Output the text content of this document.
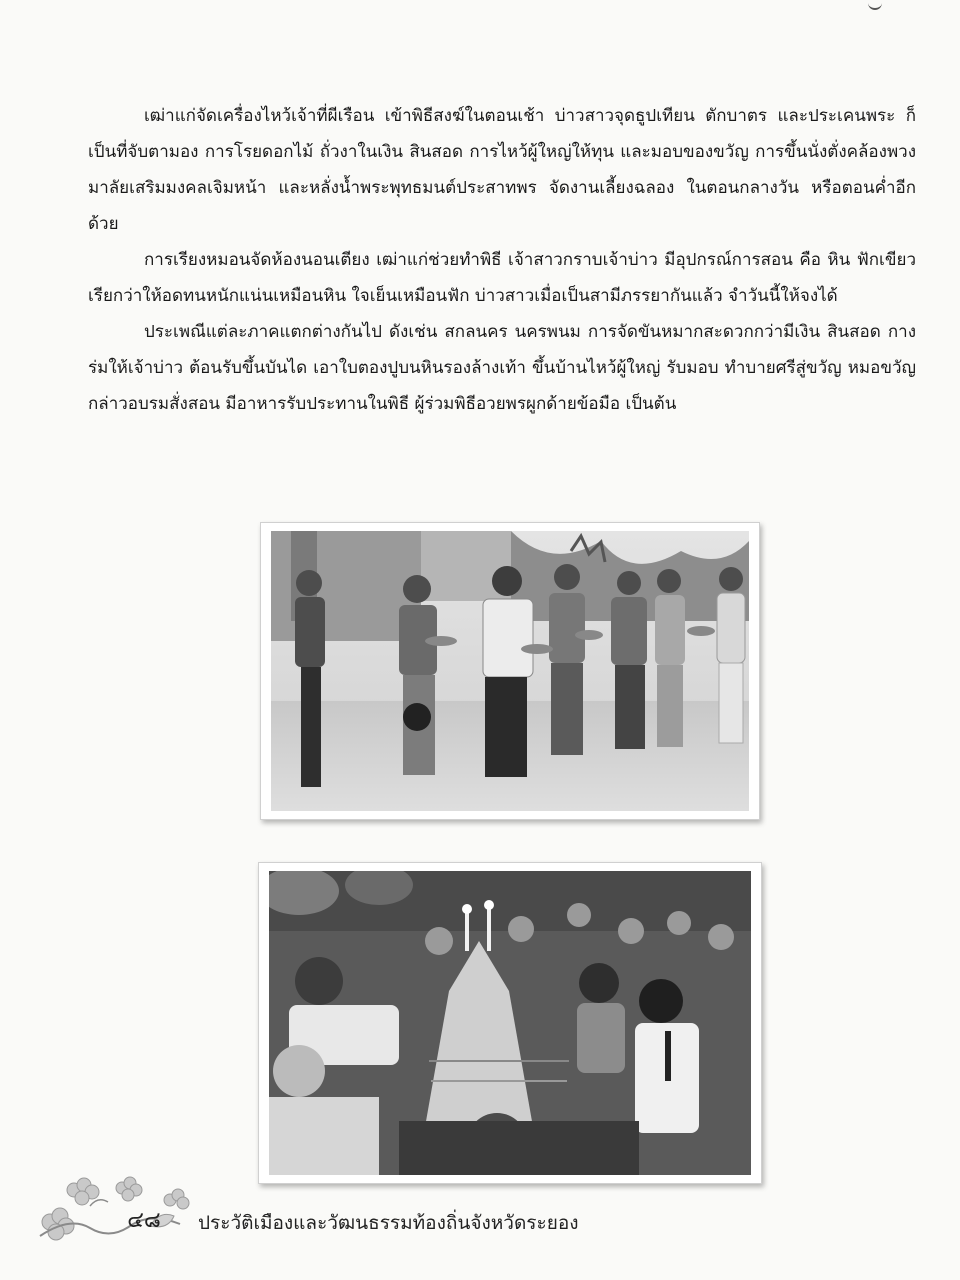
เฒ่าแก่จัดเครื่องไหว้เจ้าที่ผีเรือน เข้าพิธีสงฆ์ในตอนเช้า บ่าวสาวจุดธูปเทียน ตักบาตร และประเคนพระ ก็เป็นที่จับตามอง การโรยดอกไม้ ถั่วงาในเงิน สินสอด การไหว้ผู้ใหญ่ให้ทุน และมอบของขวัญ การขึ้นนั่งตั่งคล้องพวงมาลัยเสริมมงคลเจิมหน้า และหลั่งน้ำพระพุทธมนต์ประสาทพร จัดงานเลี้ยงฉลอง ในตอนกลางวัน หรือตอนค่ำอีกด้วย

การเรียงหมอนจัดห้องนอนเตียง เฒ่าแก่ช่วยทำพิธี เจ้าสาวกราบเจ้าบ่าว มีอุปกรณ์การสอน คือ หิน ฟักเขียว เรียกว่าให้อดทนหนักแน่นเหมือนหิน ใจเย็นเหมือนฟัก บ่าวสาวเมื่อเป็นสามีภรรยากันแล้ว จำวันนี้ให้จงได้

ประเพณีแต่ละภาคแตกต่างกันไป ดังเช่น สกลนคร นครพนม การจัดขันหมากสะดวกกว่ามีเงิน สินสอด กางร่มให้เจ้าบ่าว ต้อนรับขึ้นบันได เอาใบตองปูบนหินรองล้างเท้า ขึ้นบ้านไหว้ผู้ใหญ่ รับมอบ ทำบายศรีสู่ขวัญ หมอขวัญกล่าวอบรมสั่งสอน มีอาหารรับประทานในพิธี ผู้ร่วมพิธีอวยพรผูกด้ายข้อมือ เป็นต้น

๔๘	ประวัติเมืองและวัฒนธรรมท้องถิ่นจังหวัดระยอง
